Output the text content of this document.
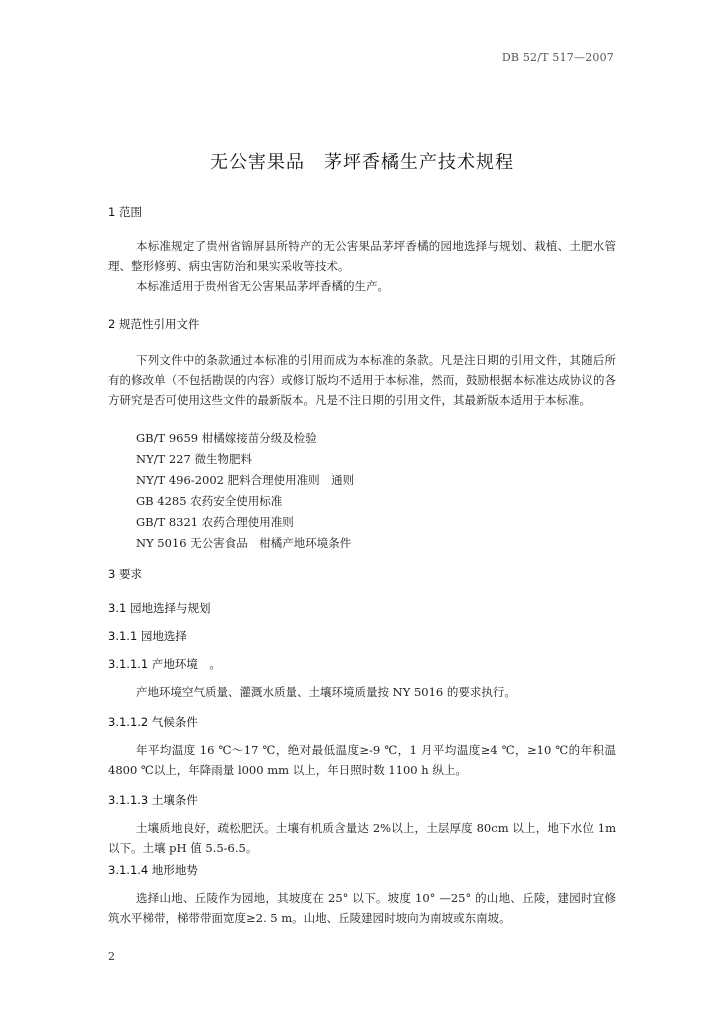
DB 52/T 517—2007
无公害果品　茅坪香橘生产技术规程
1 范围
本标准规定了贵州省锦屏县所特产的无公害果品茅坪香橘的园地选择与规划、栽植、土肥水管理、整形修剪、病虫害防治和果实采收等技术。
本标准适用于贵州省无公害果品茅坪香橘的生产。
2 规范性引用文件
下列文件中的条款通过本标准的引用而成为本标准的条款。凡是注日期的引用文件，其随后所有的修改单（不包括勘误的内容）或修订版均不适用于本标准，然而，鼓励根据本标准达成协议的各方研究是否可使用这些文件的最新版本。凡是不注日期的引用文件，其最新版本适用于本标准。
GB/T 9659 柑橘嫁接苗分级及检验
NY/T 227 微生物肥料
NY/T 496-2002 肥料合理使用准则　通则
GB 4285 农药安全使用标准
GB/T 8321 农药合理使用准则
NY 5016 无公害食品　柑橘产地环境条件
3 要求
3.1 园地选择与规划
3.1.1 园地选择
3.1.1.1 产地环境　。
产地环境空气质量、灌溉水质量、土壤环境质量按 NY 5016 的要求执行。
3.1.1.2 气候条件
年平均温度 16 ℃～17 ℃，绝对最低温度≥-9 ℃，1 月平均温度≥4 ℃，≥10 ℃的年积温 4800 ℃以上，年降雨量 l000 mm 以上，年日照时数 1100 h 纵上。
3.1.1.3 土壤条件
土壤质地良好，疏松肥沃。土壤有机质含量达 2%以上，土层厚度 80cm 以上，地下水位 1m 以下。土壤 pH 值 5.5-6.5。
3.1.1.4 地形地势
选择山地、丘陵作为园地，其坡度在 25° 以下。坡度 10° —25° 的山地、丘陵，建园时宜修筑水平梯带，梯带带面宽度≥2. 5 m。山地、丘陵建园时坡向为南坡或东南坡。
2
